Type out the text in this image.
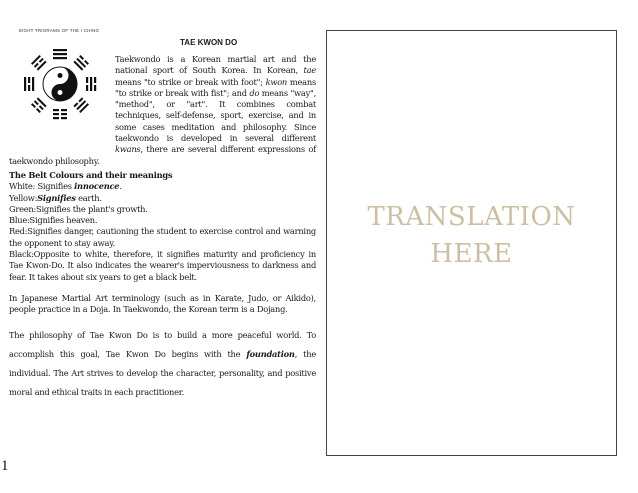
Taekwondo is a Korean martial art and the national sport of South Korea. In Korean, tae means "to strike or break with foot"; kwon means "to strike or break with fist"; and do means "way", "method", or "art". It combines combat techniques, self-defense, sport, exercise, and in some cases meditation and philosophy. Since taekwondo is developed in several different kwans, there are several different expressions of taekwondo philosophy.
The Belt Colours and their meanings
White: Signifies innocence.
Yellow:Signifies earth.
Green:Signifies the plant's growth.
Blue:Signifies heaven.
Red:Signifies danger, cautioning the student to exercise control and warning the opponent to stay away.
Black:Opposite to white, therefore, it signifies maturity and proficiency in Tae Kwon-Do. It also indicates the wearer's imperviousness to darkness and fear. It takes about six years to get a black belt.
In Japanese Martial Art terminology (such as in Karate, Judo, or Aikido), people practice in a Doja. In Taekwondo, the Korean term is a Dojang.
The philosophy of Tae Kwon Do is to build a more peaceful world. To accomplish this goal, Tae Kwon Do begins with the foundation, the individual. The Art strives to develop the character, personality, and positive moral and ethical traits in each practitioner.
TAE KWON DO
EIGHT TRIGRAMS OF THE I CHING
TRANSLATION
HERE
1
